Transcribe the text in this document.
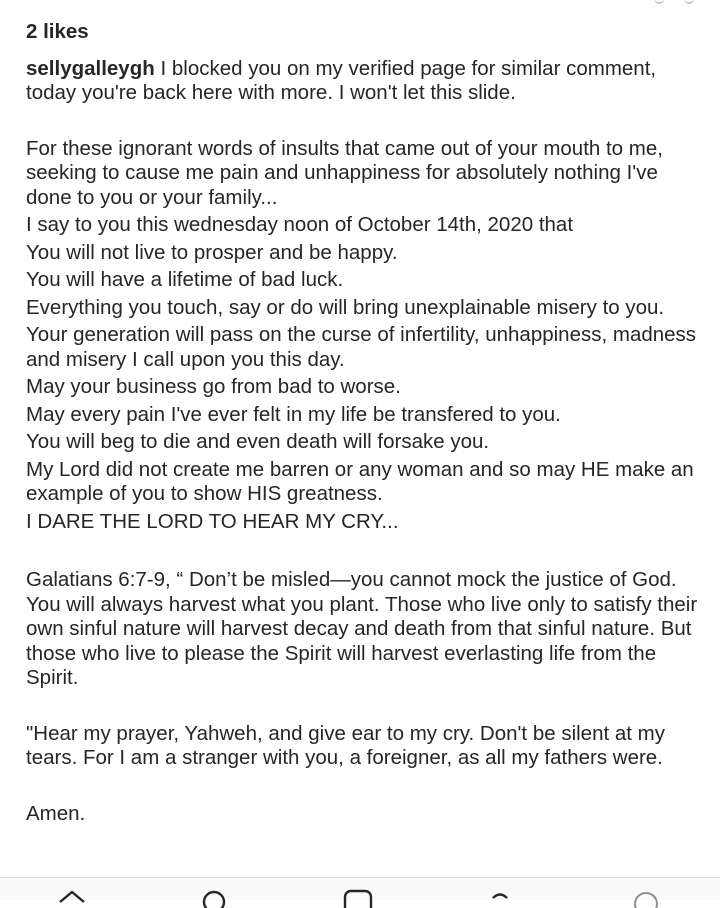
2 likes

sellygalleygh I blocked you on my verified page for similar comment, today you're back here with more. I won't let this slide.

For these ignorant words of insults that came out of your mouth to me, seeking to cause me pain and unhappiness for absolutely nothing I've done to you or your family...

I say to you this wednesday noon of October 14th, 2020 that

You will not live to prosper and be happy.

You will have a lifetime of bad luck.

Everything you touch, say or do will bring unexplainable misery to you.

Your generation will pass on the curse of infertility, unhappiness, madness and misery I call upon you this day.

May your business go from bad to worse.

May every pain I've ever felt in my life be transfered to you.

You will beg to die and even death will forsake you.

My Lord did not create me barren or any woman and so may HE make an example of you to show HIS greatness.

I DARE THE LORD TO HEAR MY CRY...

Galatians 6:7-9, “ Don’t be misled—you cannot mock the justice of God. You will always harvest what you plant. Those who live only to satisfy their own sinful nature will harvest decay and death from that sinful nature. But those who live to please the Spirit will harvest everlasting life from the Spirit.

"Hear my prayer, Yahweh, and give ear to my cry. Don't be silent at my tears. For I am a stranger with you, a foreigner, as all my fathers were.

Amen.
